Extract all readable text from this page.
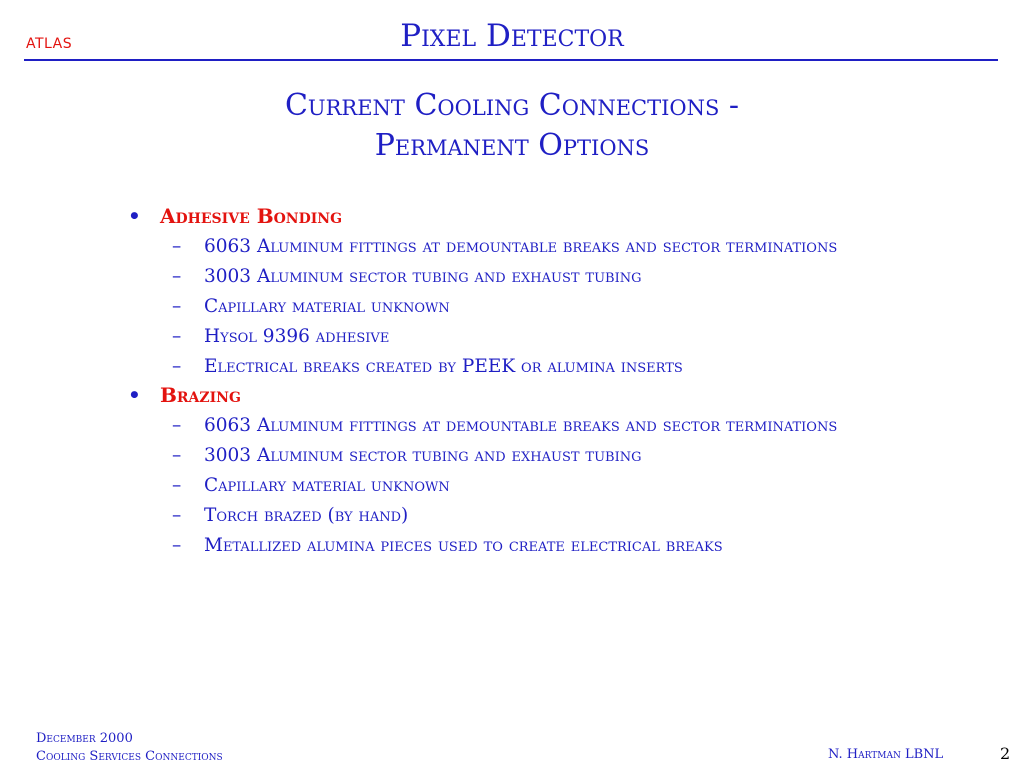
ATLAS	Pixel Detector
Current Cooling Connections -
Permanent Options
• Adhesive Bonding
– 6063 Aluminum fittings at demountable breaks and sector terminations
– 3003 Aluminum sector tubing and exhaust tubing
– Capillary material unknown
– Hysol 9396 adhesive
– Electrical breaks created by PEEK or alumina inserts
• Brazing
– 6063 Aluminum fittings at demountable breaks and sector terminations
– 3003 Aluminum sector tubing and exhaust tubing
– Capillary material unknown
– Torch brazed (by hand)
– Metallized alumina pieces used to create electrical breaks
December 2000
Cooling Services Connections	N. Hartman LBNL	2
